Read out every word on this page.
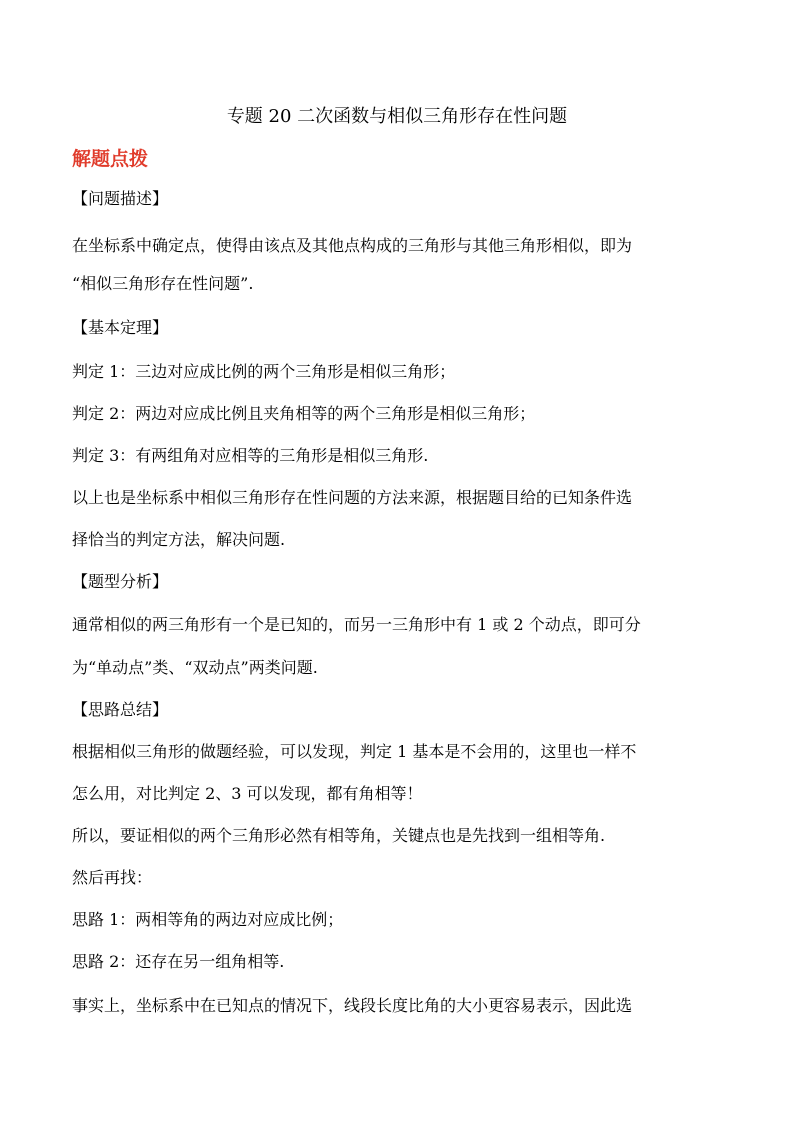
专题 20 二次函数与相似三角形存在性问题
解题点拨
【问题描述】
在坐标系中确定点，使得由该点及其他点构成的三角形与其他三角形相似，即为
“相似三角形存在性问题”.
【基本定理】
判定 1：三边对应成比例的两个三角形是相似三角形；
判定 2：两边对应成比例且夹角相等的两个三角形是相似三角形；
判定 3：有两组角对应相等的三角形是相似三角形.
以上也是坐标系中相似三角形存在性问题的方法来源，根据题目给的已知条件选
择恰当的判定方法，解决问题.
【题型分析】
通常相似的两三角形有一个是已知的，而另一三角形中有 1 或 2 个动点，即可分
为“单动点”类、“双动点”两类问题.
【思路总结】
根据相似三角形的做题经验，可以发现，判定 1 基本是不会用的，这里也一样不
怎么用，对比判定 2、3 可以发现，都有角相等！
所以，要证相似的两个三角形必然有相等角，关键点也是先找到一组相等角.
然后再找：
思路 1：两相等角的两边对应成比例；
思路 2：还存在另一组角相等.
事实上，坐标系中在已知点的情况下，线段长度比角的大小更容易表示，因此选
